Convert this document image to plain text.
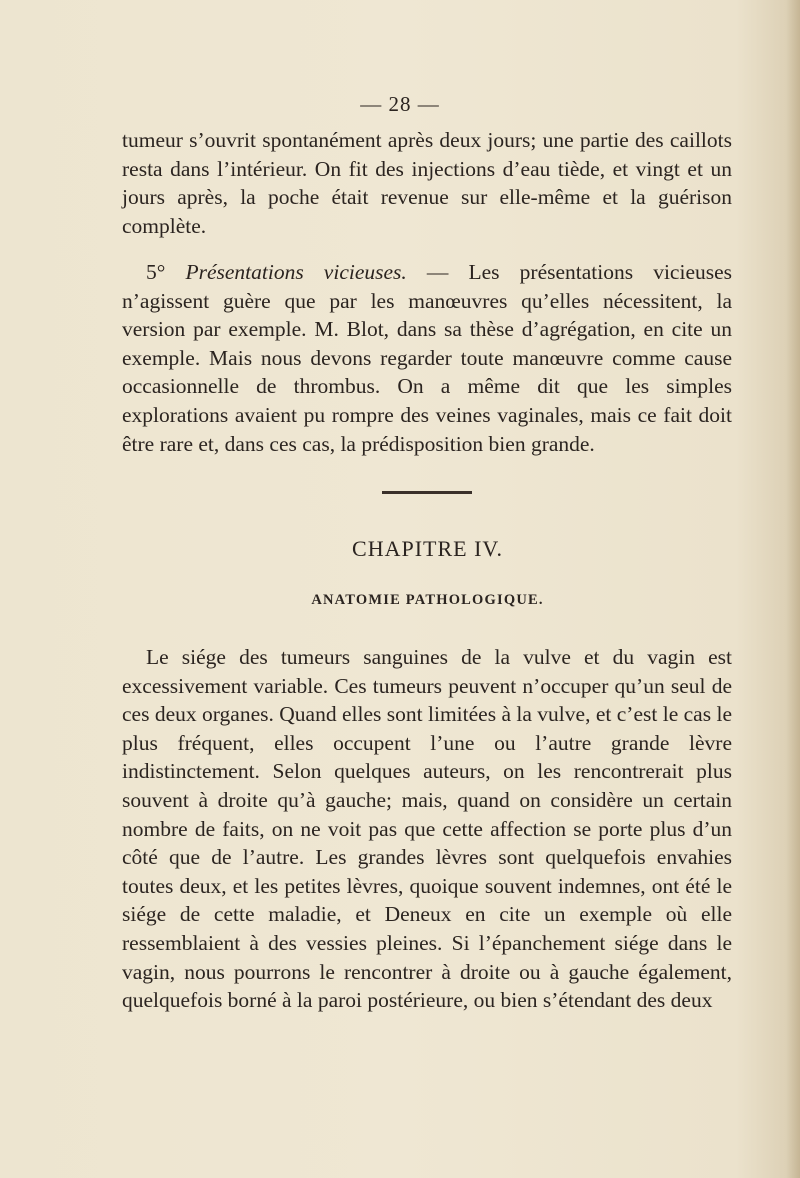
— 28 —
tumeur s’ouvrit spontanément après deux jours; une partie des caillots resta dans l’intérieur. On fit des injections d’eau tiède, et vingt et un jours après, la poche était revenue sur elle-même et la guérison complète.
5° Présentations vicieuses. — Les présentations vicieuses n’agissent guère que par les manœuvres qu’elles nécessitent, la version par exemple. M. Blot, dans sa thèse d’agrégation, en cite un exemple. Mais nous devons regarder toute manœuvre comme cause occasionnelle de thrombus. On a même dit que les simples explorations avaient pu rompre des veines vaginales, mais ce fait doit être rare et, dans ces cas, la prédisposition bien grande.
CHAPITRE IV.
ANATOMIE PATHOLOGIQUE.
Le siége des tumeurs sanguines de la vulve et du vagin est excessivement variable. Ces tumeurs peuvent n’occuper qu’un seul de ces deux organes. Quand elles sont limitées à la vulve, et c’est le cas le plus fréquent, elles occupent l’une ou l’autre grande lèvre indistinctement. Selon quelques auteurs, on les rencontrerait plus souvent à droite qu’à gauche; mais, quand on considère un certain nombre de faits, on ne voit pas que cette affection se porte plus d’un côté que de l’autre. Les grandes lèvres sont quelquefois envahies toutes deux, et les petites lèvres, quoique souvent indemnes, ont été le siége de cette maladie, et Deneux en cite un exemple où elle ressemblaient à des vessies pleines. Si l’épanchement siége dans le vagin, nous pourrons le rencontrer à droite ou à gauche également, quelquefois borné à la paroi postérieure, ou bien s’étendant des deux
